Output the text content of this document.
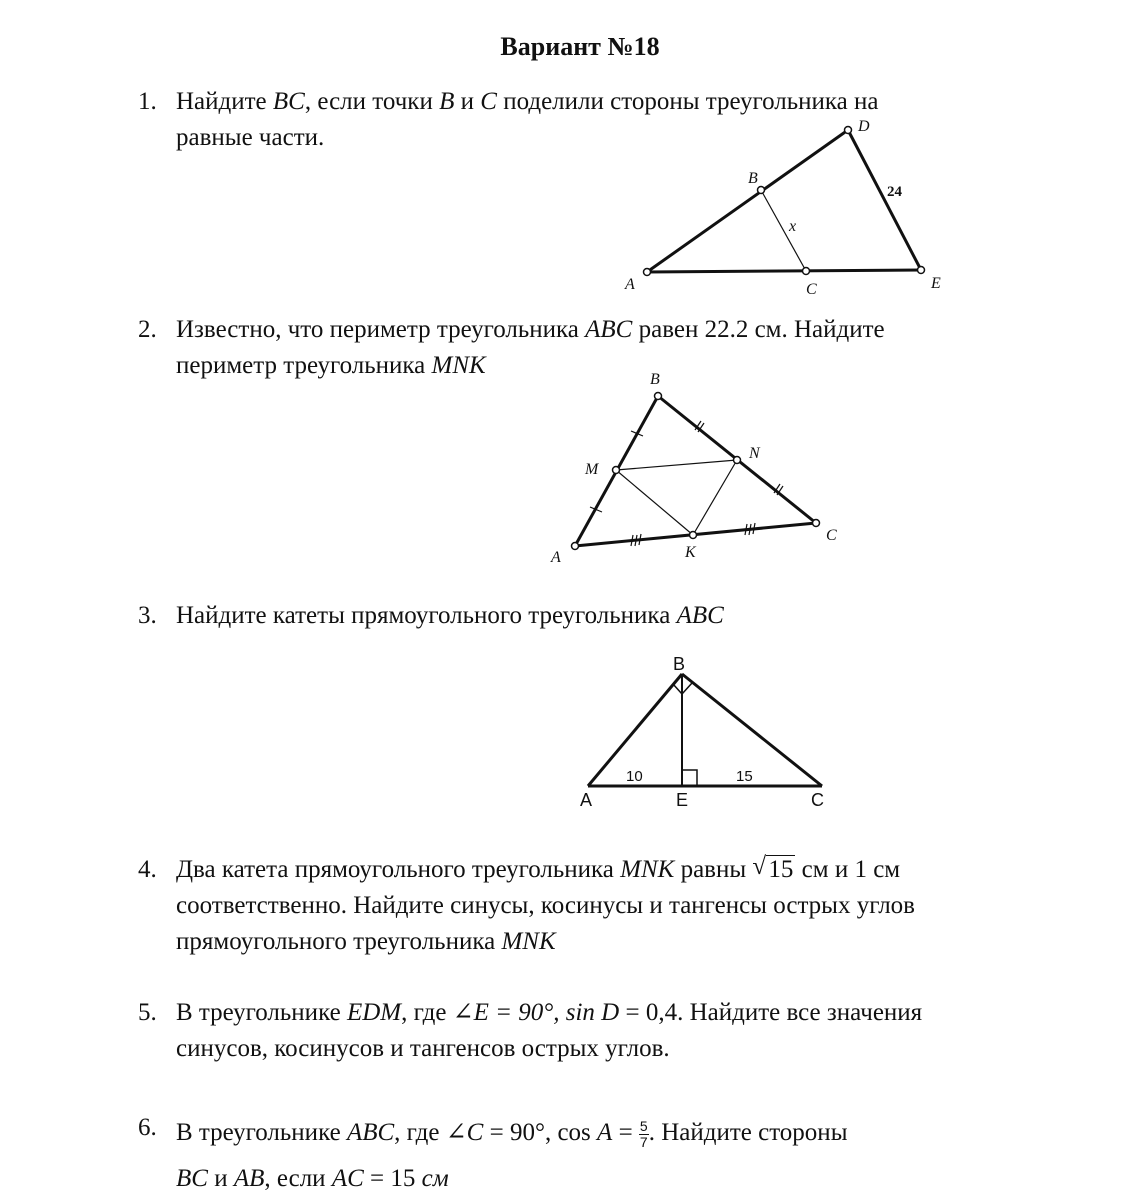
Вариант №18
1. Найдите BC, если точки B и C поделили стороны треугольника на
равные части.
A
D
E
B
C
x
24
2. Известно, что периметр треугольника ABC равен 22.2 см. Найдите
периметр треугольника MNK
A
B
C
M
N
K
3. Найдите катеты прямоугольного треугольника ABC
A
B
C
E
10	15
4. Два катета прямоугольного треугольника MNK равны √ 15 см и 1 см
соответственно. Найдите синусы, косинусы и тангенсы острых углов
прямоугольного треугольника MNK
5. В треугольнике EDM, где ∠E = 90°, sin D = 0,4. Найдите все значения
синусов, косинусов и тангенсов острых углов.
6. В треугольнике ABC, где ∠C = 90°, $\cos A = \frac{5}{7}$ . Найдите стороны
BC и AB, если AC = 15 см
